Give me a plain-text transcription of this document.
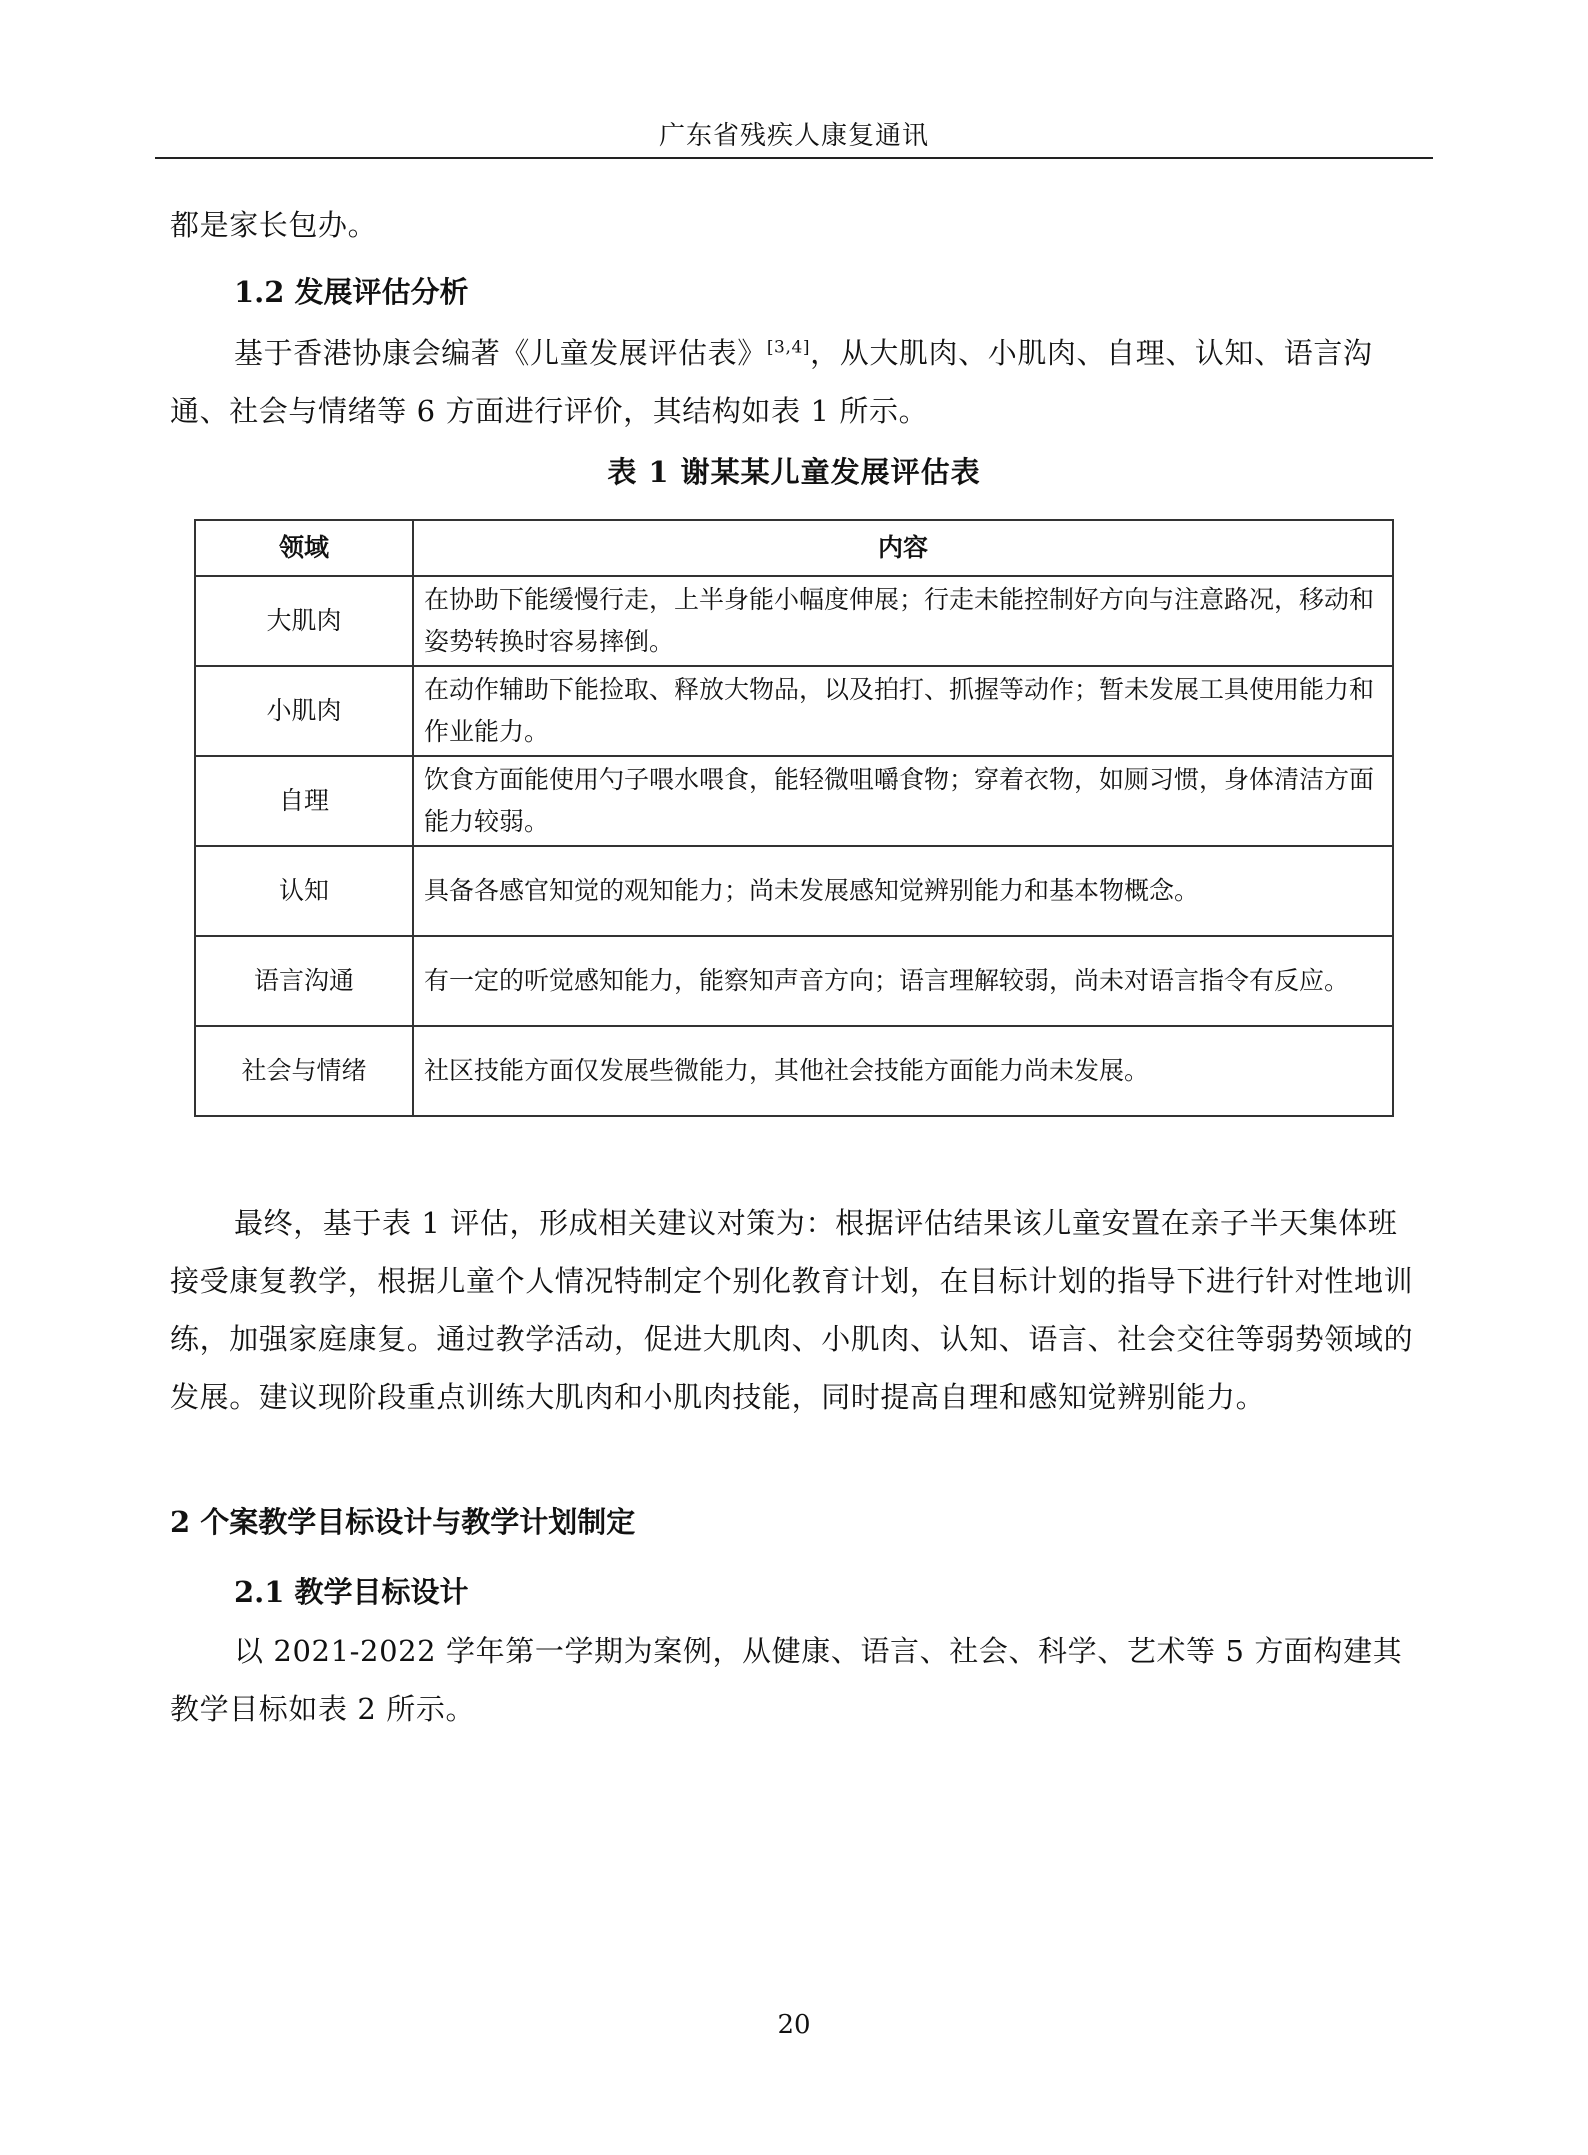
广东省残疾人康复通讯
都是家长包办。
1.2 发展评估分析
基于香港协康会编著《儿童发展评估表》[3,4]，从大肌肉、小肌肉、自理、认知、语言沟通、社会与情绪等 6 方面进行评价，其结构如表 1 所示。
表 1 谢某某儿童发展评估表
领域	内容
大肌肉	在协助下能缓慢行走，上半身能小幅度伸展；行走未能控制好方向与注意路况，移动和姿势转换时容易摔倒。
小肌肉	在动作辅助下能捡取、释放大物品，以及拍打、抓握等动作；暂未发展工具使用能力和作业能力。
自理	饮食方面能使用勺子喂水喂食，能轻微咀嚼食物；穿着衣物，如厕习惯，身体清洁方面能力较弱。
认知	具备各感官知觉的观知能力；尚未发展感知觉辨别能力和基本物概念。
语言沟通	有一定的听觉感知能力，能察知声音方向；语言理解较弱，尚未对语言指令有反应。
社会与情绪	社区技能方面仅发展些微能力，其他社会技能方面能力尚未发展。
最终，基于表 1 评估，形成相关建议对策为：根据评估结果该儿童安置在亲子半天集体班接受康复教学，根据儿童个人情况特制定个别化教育计划，在目标计划的指导下进行针对性地训练，加强家庭康复。通过教学活动，促进大肌肉、小肌肉、认知、语言、社会交往等弱势领域的发展。建议现阶段重点训练大肌肉和小肌肉技能，同时提高自理和感知觉辨别能力。
2 个案教学目标设计与教学计划制定
2.1 教学目标设计
以 2021-2022 学年第一学期为案例，从健康、语言、社会、科学、艺术等 5 方面构建其教学目标如表 2 所示。
20
